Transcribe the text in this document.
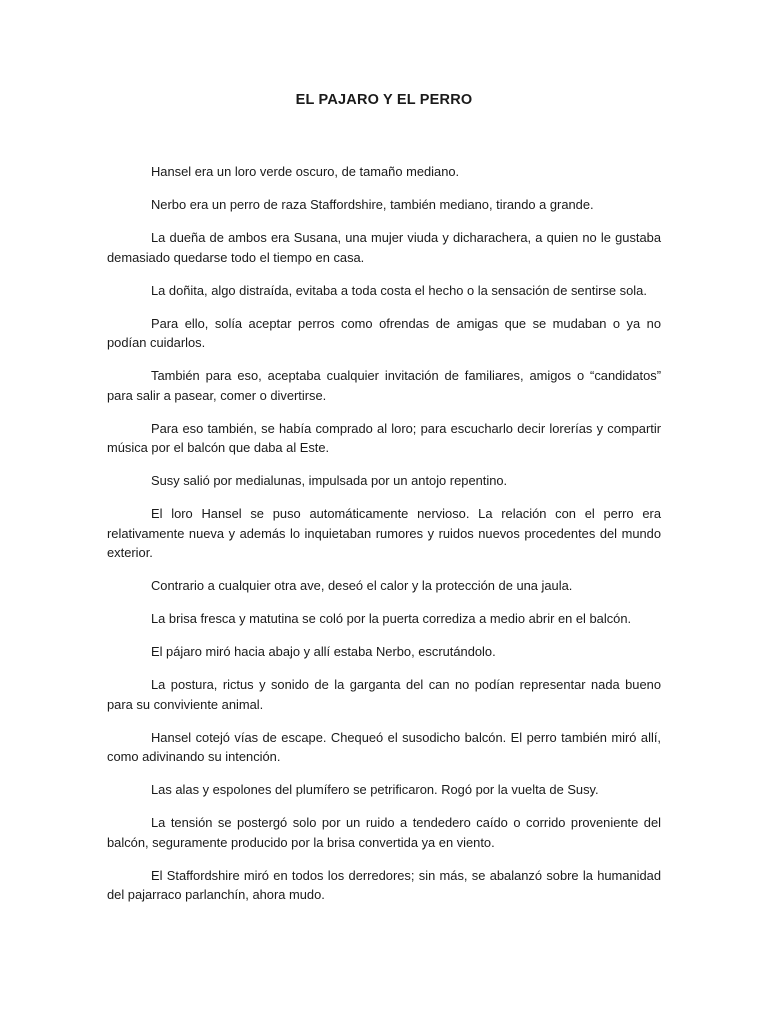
EL PAJARO Y EL PERRO

Hansel era un loro verde oscuro, de tamaño mediano.

Nerbo era un perro de raza Staffordshire, también mediano, tirando a grande.

La dueña de ambos era Susana, una mujer viuda y dicharachera, a quien no le gustaba demasiado quedarse todo el tiempo en casa.

La doñita, algo distraída, evitaba a toda costa el hecho o la sensación de sentirse sola.

Para ello, solía aceptar perros como ofrendas de amigas que se mudaban o ya no podían cuidarlos.

También para eso, aceptaba cualquier invitación de familiares, amigos o “candidatos” para salir a pasear, comer o divertirse.

Para eso también, se había comprado al loro; para escucharlo decir lorerías y compartir música por el balcón que daba al Este.

Susy salió por medialunas, impulsada por un antojo repentino.

El loro Hansel se puso automáticamente nervioso. La relación con el perro era relativamente nueva y además lo inquietaban rumores y ruidos nuevos procedentes del mundo exterior.

Contrario a cualquier otra ave, deseó el calor y la protección de una jaula.

La brisa fresca y matutina se coló por la puerta corrediza a medio abrir en el balcón.

El pájaro miró hacia abajo y allí estaba Nerbo, escrutándolo.

La postura, rictus y sonido de la garganta del can no podían representar nada bueno para su conviviente animal.

Hansel cotejó vías de escape. Chequeó el susodicho balcón. El perro también miró allí, como adivinando su intención.

Las alas y espolones del plumífero se petrificaron. Rogó por la vuelta de Susy.

La tensión se postergó solo por un ruido a tendedero caído o corrido proveniente del balcón, seguramente producido por la brisa convertida ya en viento.

El Staffordshire miró en todos los derredores; sin más, se abalanzó sobre la humanidad del pajarraco parlanchín, ahora mudo.
